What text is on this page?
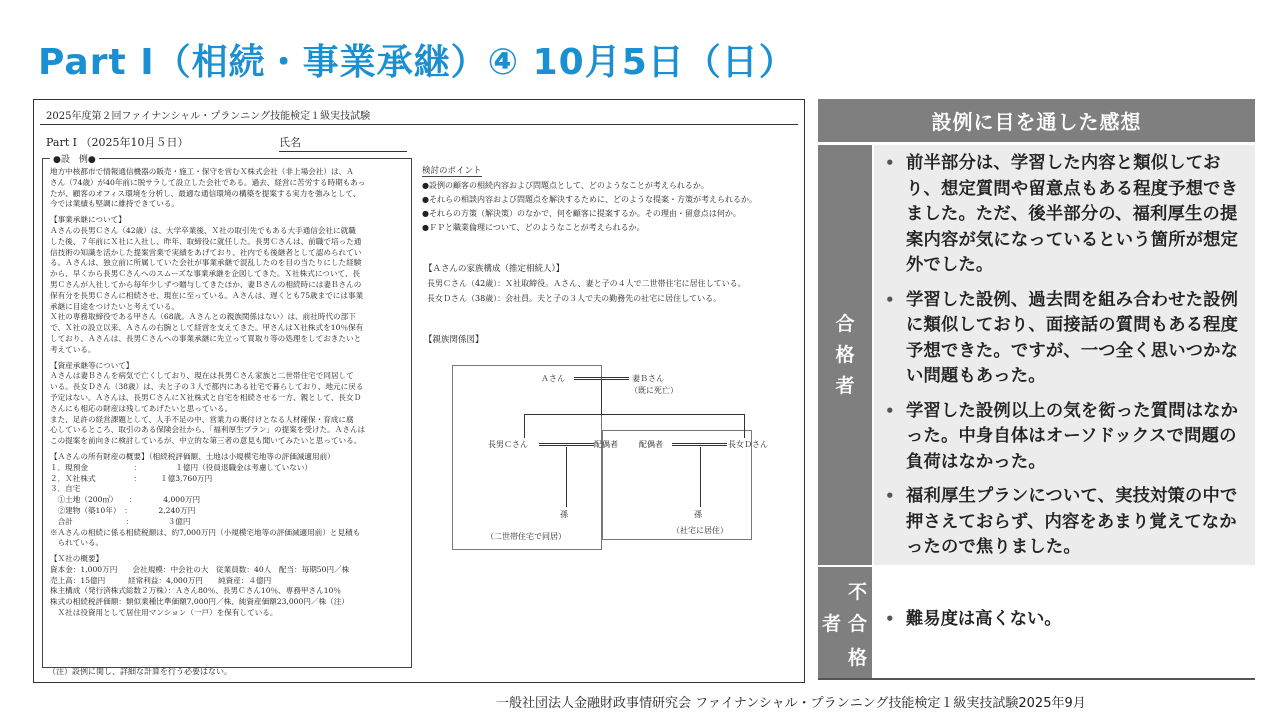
Part Ⅰ（相続・事業承継）④ 10月5日（日）
2025年度第２回ファイナンシャル・プランニング技能検定１級実技試験
Part Ⅰ （2025年10月５日）	氏名
●設　例●

地方中核都市で情報通信機器の販売・施工・保守を営むＸ株式会社（非上場会社）は、Ａ

さん（74歳）が40年前に脱サラして設立した会社である。過去、経営に苦労する時期もあっ

たが、顧客のオフィス環境を分析し、最適な通信環境の構築を提案する実力を強みとして、

今では業績も堅調に維持できている。

【事業承継について】

Ａさんの長男Ｃさん（42歳）は、大学卒業後、Ｘ社の取引先でもある大手通信会社に就職

した後、７年前にＸ社に入社し、昨年、取締役に就任した。長男Ｃさんは、前職で培った通

信技術の知識を活かした提案営業で実績をあげており、社内でも後継者として認められてい

る。Ａさんは、独立前に所属していた会社が事業承継で混乱したのを目の当たりにした経験

から、早くから長男Ｃさんへのスムーズな事業承継を企図してきた。Ｘ社株式について、長

男Ｃさんが入社してから毎年少しずつ贈与してきたほか、妻Ｂさんの相続時には妻Ｂさんの

保有分を長男Ｃさんに相続させ、現在に至っている。Ａさんは、遅くとも75歳までには事業

承継に目途をつけたいと考えている。

Ｘ社の専務取締役である甲さん（68歳。Ａさんとの親族関係はない）は、前社時代の部下

で、Ｘ社の設立以来、Ａさんの右腕として経営を支えてきた。甲さんはＸ社株式を10％保有

しており、Ａさんは、長男Ｃさんへの事業承継に先立って買取り等の処理をしておきたいと

考えている。

【資産承継等について】

Ａさんは妻Ｂさんを病気で亡くしており、現在は長男Ｃさん家族と二世帯住宅で同居して

いる。長女Ｄさん（38歳）は、夫と子の３人で都内にある社宅で暮らしており、地元に戻る

予定はない。Ａさんは、長男ＣさんにＸ社株式と自宅を相続させる一方、親として、長女Ｄ

さんにも相応の財産は残してあげたいと思っている。

また、足許の経営課題として、人手不足の中、営業力の裏付けとなる人材確保・育成に腐

心しているところ、取引のある保険会社から、「福利厚生プラン」の提案を受けた。Ａさんは

この提案を前向きに検討しているが、中立的な第三者の意見も聞いてみたいと思っている。

【Ａさんの所有財産の概要】（相続税評価額、土地は小規模宅地等の評価減適用前）

１．現預金　　　　　　：　　　　　１億円（役員退職金は考慮していない）

２．Ｘ社株式　　　　　：　　　１億3,760万円

３．自宅

　①土地（200㎡）　　：　　　　4,000万円

　②建物（築10年）　：　　　　2,240万円

　合計　　　　　　　：　　　　　３億円

※Ａさんの相続に係る相続税額は、約7,000万円（小規模宅地等の評価減適用前）と見積も

　られている。

【Ｘ社の概要】

資本金：1,000万円　　会社規模：中会社の大　従業員数：40人　配当：毎期50円／株

売上高：15億円　　　経常利益：4,000万円　　純資産：４億円

株主構成（発行済株式総数２万株）：Ａさん80％、長男Ｃさん10％、専務甲さん10％

株式の相続税評価額：類似業種比準価額7,000円／株、純資産価額23,000円／株（注）

　Ｘ社は役資用として居住用マンション（一戸）を保有している。

（注）設例に関し、詳細な計算を行う必要はない。
検討のポイント

●設例の顧客の相続内容および問題点として、どのようなことが考えられるか。

●それらの相談内容および問題点を解決するために、どのような提案・方策が考えられるか。

●それらの方策（解決策）のなかで、何を顧客に提案するか。その理由・留意点は何か。

●ＦＰと職業倫理について、どのようなことが考えられるか。

【Ａさんの家族構成（推定相続人）】

長男Ｃさん（42歳）：Ｘ社取締役。Ａさん、妻と子の４人で二世帯住宅に居住している。

長女Ｄさん（38歳）：会社員。夫と子の３人で夫の勤務先の社宅に居住している。

【親族関係図】
Ａさん	妻Ｂさん
（既に死亡）
長男Ｃさん	配偶者	配偶者	長女Ｄさん
孫	孫
（二世帯住宅で同居）
（社宅に居住）
設例に目を通した感想
合
格
者
• 前半部分は、学習した内容と類似しており、想定質問や留意点もある程度予想できました。ただ、後半部分の、福利厚生の提案内容が気になっているという箇所が想定外でした。
• 学習した設例、過去問を組み合わせた設例に類似しており、面接話の質問もある程度予想できた。ですが、一つ全く思いつかない問題もあった。
• 学習した設例以上の気を衒った質問はなかった。中身自体はオーソドックスで問題の負荷はなかった。
• 福利厚生プランについて、実技対策の中で押さえておらず、内容をあまり覚えてなかったので焦りました。
不
合
格
者	• 難易度は高くない。
一般社団法人金融財政事情研究会 ファイナンシャル・プランニング技能検定１級実技試験2025年9月
